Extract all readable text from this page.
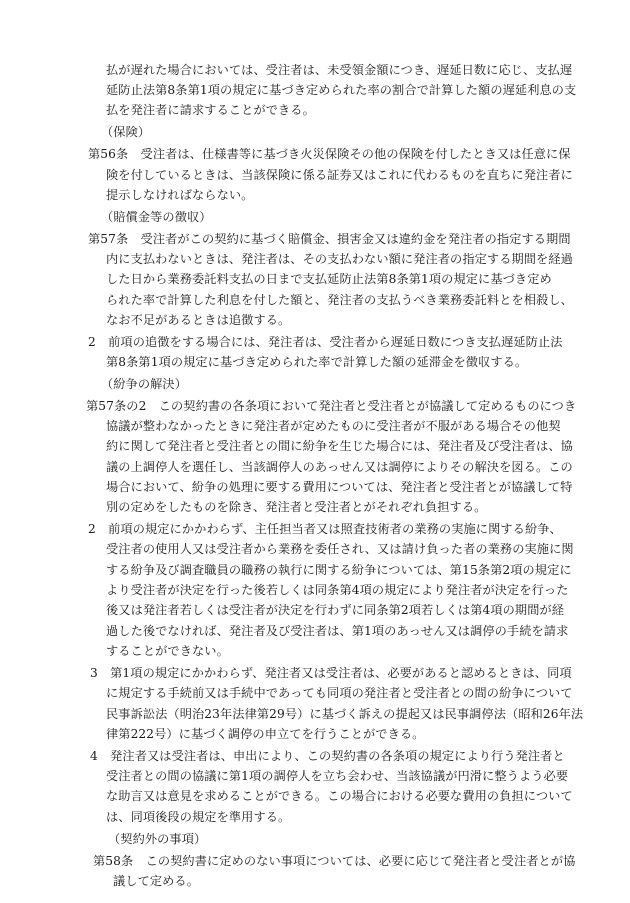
払が遅れた場合においては、受注者は、未受領金額につき、遅延日数に応じ、支払遅

延防止法第8条第1項の規定に基づき定められた率の割合で計算した額の遅延利息の支

払を発注者に請求することができる。

（保険）

第56条　受注者は、仕様書等に基づき火災保険その他の保険を付したとき又は任意に保

険を付しているときは、当該保険に係る証券又はこれに代わるものを直ちに発注者に

提示しなければならない。

（賠償金等の徴収）

第57条　受注者がこの契約に基づく賠償金、損害金又は違約金を発注者の指定する期間

内に支払わないときは、発注者は、その支払わない額に発注者の指定する期間を経過

した日から業務委託料支払の日まで支払延防止法第8条第1項の規定に基づき定め

られた率で計算した利息を付した額と、発注者の支払うべき業務委託料とを相殺し、

なお不足があるときは追徴する。

2　前項の追徴をする場合には、発注者は、受注者から遅延日数につき支払遅延防止法

第8条第1項の規定に基づき定められた率で計算した額の延滞金を徴収する。

（紛争の解決）

第57条の2　この契約書の各条項において発注者と受注者とが協議して定めるものにつき

協議が整わなかったときに発注者が定めたものに受注者が不服がある場合その他契

約に関して発注者と受注者との間に紛争を生じた場合には、発注者及び受注者は、協

議の上調停人を選任し、当該調停人のあっせん又は調停によりその解決を図る。この

場合において、紛争の処理に要する費用については、発注者と受注者とが協議して特

別の定めをしたものを除き、発注者と受注者とがそれぞれ負担する。

2　前項の規定にかかわらず、主任担当者又は照査技術者の業務の実施に関する紛争、

受注者の使用人又は受注者から業務を委任され、又は請け負った者の業務の実施に関

する紛争及び調査職員の職務の執行に関する紛争については、第15条第2項の規定に

より受注者が決定を行った後若しくは同条第4項の規定により発注者が決定を行った

後又は発注者若しくは受注者が決定を行わずに同条第2項若しくは第4項の期間が経

過した後でなければ、発注者及び受注者は、第1項のあっせん又は調停の手続を請求

することができない。

3　第1項の規定にかかわらず、発注者又は受注者は、必要があると認めるときは、同項

に規定する手続前又は手続中であっても同項の発注者と受注者との間の紛争について

民事訴訟法（明治23年法律第29号）に基づく訴えの提起又は民事調停法（昭和26年法

律第222号）に基づく調停の申立てを行うことができる。

4　発注者又は受注者は、申出により、この契約書の各条項の規定により行う発注者と

受注者との間の協議に第1項の調停人を立ち会わせ、当該協議が円滑に整うよう必要

な助言又は意見を求めることができる。この場合における必要な費用の負担について

は、同項後段の規定を準用する。

（契約外の事項）

第58条　この契約書に定めのない事項については、必要に応じて発注者と受注者とが協

議して定める。
